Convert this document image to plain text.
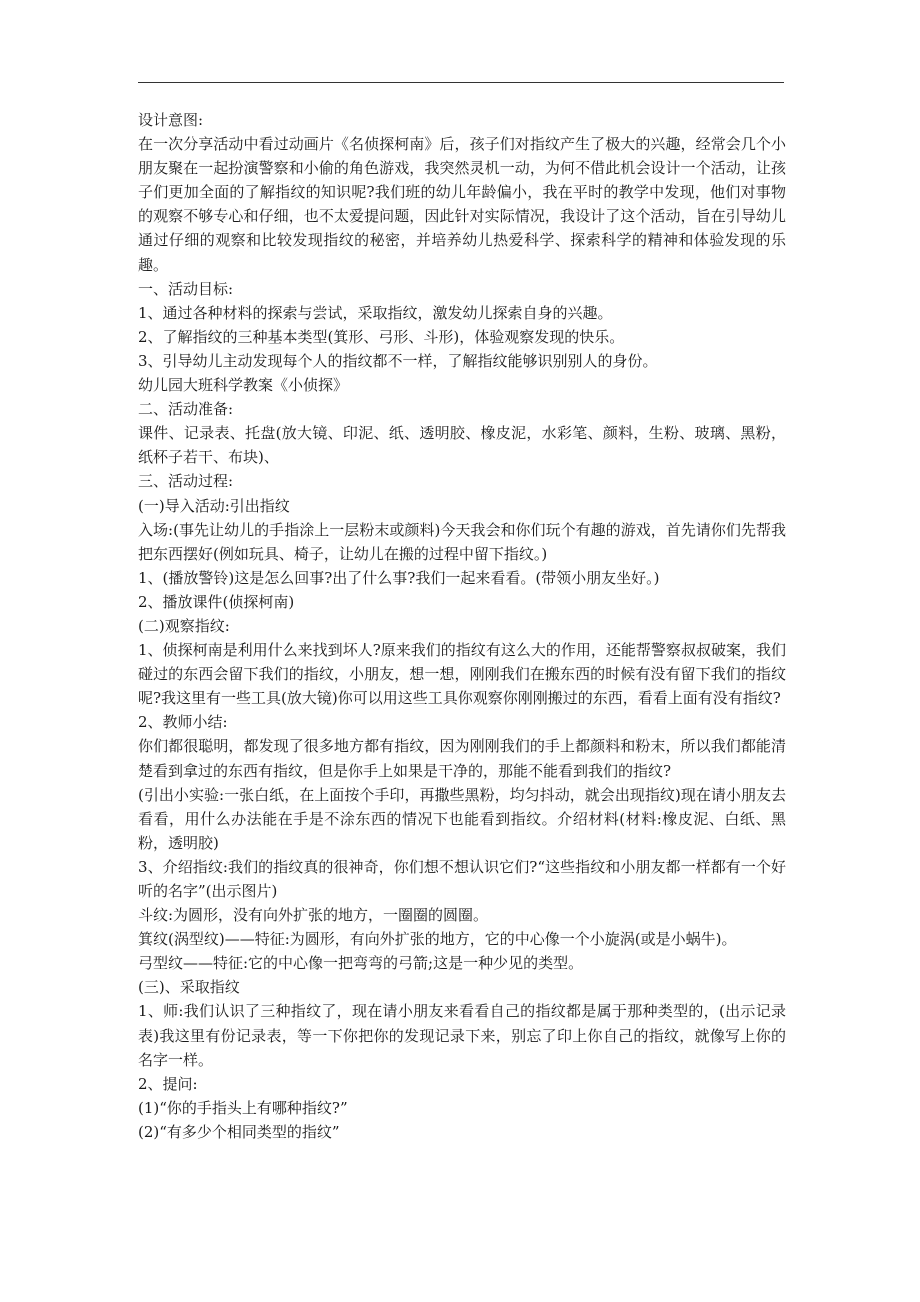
设计意图:

在一次分享活动中看过动画片《名侦探柯南》后，孩子们对指纹产生了极大的兴趣，经常会几个小朋友聚在一起扮演警察和小偷的角色游戏，我突然灵机一动，为何不借此机会设计一个活动，让孩子们更加全面的了解指纹的知识呢?我们班的幼儿年龄偏小，我在平时的教学中发现，他们对事物的观察不够专心和仔细，也不太爱提问题，因此针对实际情况，我设计了这个活动，旨在引导幼儿通过仔细的观察和比较发现指纹的秘密，并培养幼儿热爱科学、探索科学的精神和体验发现的乐趣。

一、活动目标:

1、通过各种材料的探索与尝试，采取指纹，激发幼儿探索自身的兴趣。

2、了解指纹的三种基本类型(箕形、弓形、斗形)，体验观察发现的快乐。

3、引导幼儿主动发现每个人的指纹都不一样，了解指纹能够识别别人的身份。

幼儿园大班科学教案《小侦探》

二、活动准备:

课件、记录表、托盘(放大镜、印泥、纸、透明胶、橡皮泥，水彩笔、颜料，生粉、玻璃、黑粉，纸杯子若干、布块)、

三、活动过程:

(一)导入活动:引出指纹

入场:(事先让幼儿的手指涂上一层粉末或颜料)今天我会和你们玩个有趣的游戏，首先请你们先帮我把东西摆好(例如玩具、椅子，让幼儿在搬的过程中留下指纹。)

1、(播放警铃)这是怎么回事?出了什么事?我们一起来看看。(带领小朋友坐好。)

2、播放课件(侦探柯南)

(二)观察指纹:

1、侦探柯南是利用什么来找到坏人?原来我们的指纹有这么大的作用，还能帮警察叔叔破案，我们碰过的东西会留下我们的指纹，小朋友，想一想，刚刚我们在搬东西的时候有没有留下我们的指纹呢?我这里有一些工具(放大镜)你可以用这些工具你观察你刚刚搬过的东西，看看上面有没有指纹?

2、教师小结:

你们都很聪明，都发现了很多地方都有指纹，因为刚刚我们的手上都颜料和粉末，所以我们都能清楚看到拿过的东西有指纹，但是你手上如果是干净的，那能不能看到我们的指纹?

(引出小实验:一张白纸，在上面按个手印，再撒些黑粉，均匀抖动，就会出现指纹)现在请小朋友去看看，用什么办法能在手是不涂东西的情况下也能看到指纹。介绍材料(材料:橡皮泥、白纸、黑粉，透明胶)

3、介绍指纹:我们的指纹真的很神奇，你们想不想认识它们?“这些指纹和小朋友都一样都有一个好听的名字”(出示图片)

斗纹:为圆形，没有向外扩张的地方，一圈圈的圆圈。

箕纹(涡型纹)——特征:为圆形，有向外扩张的地方，它的中心像一个小旋涡(或是小蜗牛)。

弓型纹——特征:它的中心像一把弯弯的弓箭;这是一种少见的类型。

(三)、采取指纹

1、师:我们认识了三种指纹了，现在请小朋友来看看自己的指纹都是属于那种类型的，(出示记录表)我这里有份记录表，等一下你把你的发现记录下来，别忘了印上你自己的指纹，就像写上你的名字一样。

2、提问:

(1)“你的手指头上有哪种指纹?”

(2)“有多少个相同类型的指纹”
